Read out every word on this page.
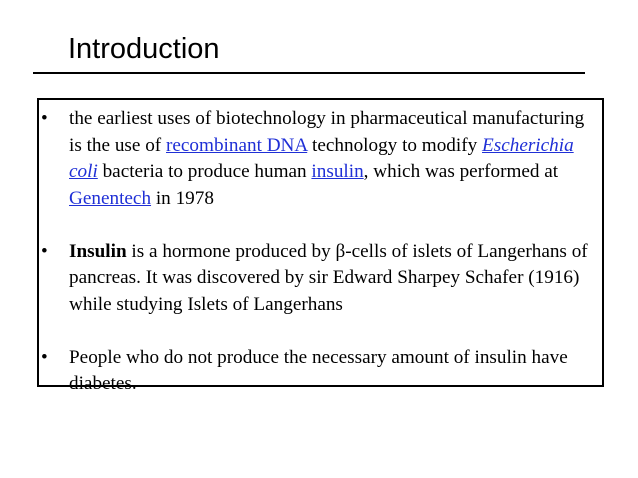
Introduction
•	the earliest uses of biotechnology in pharmaceutical manufacturing is the use of recombinant DNA technology to modify Escherichia coli bacteria to produce human insulin, which was performed at Genentech in 1978
•	Insulin is a hormone produced by β-cells of islets of Langerhans of pancreas. It was discovered by sir Edward Sharpey Schafer (1916) while studying Islets of Langerhans
•	People who do not produce the necessary amount of insulin have diabetes.
